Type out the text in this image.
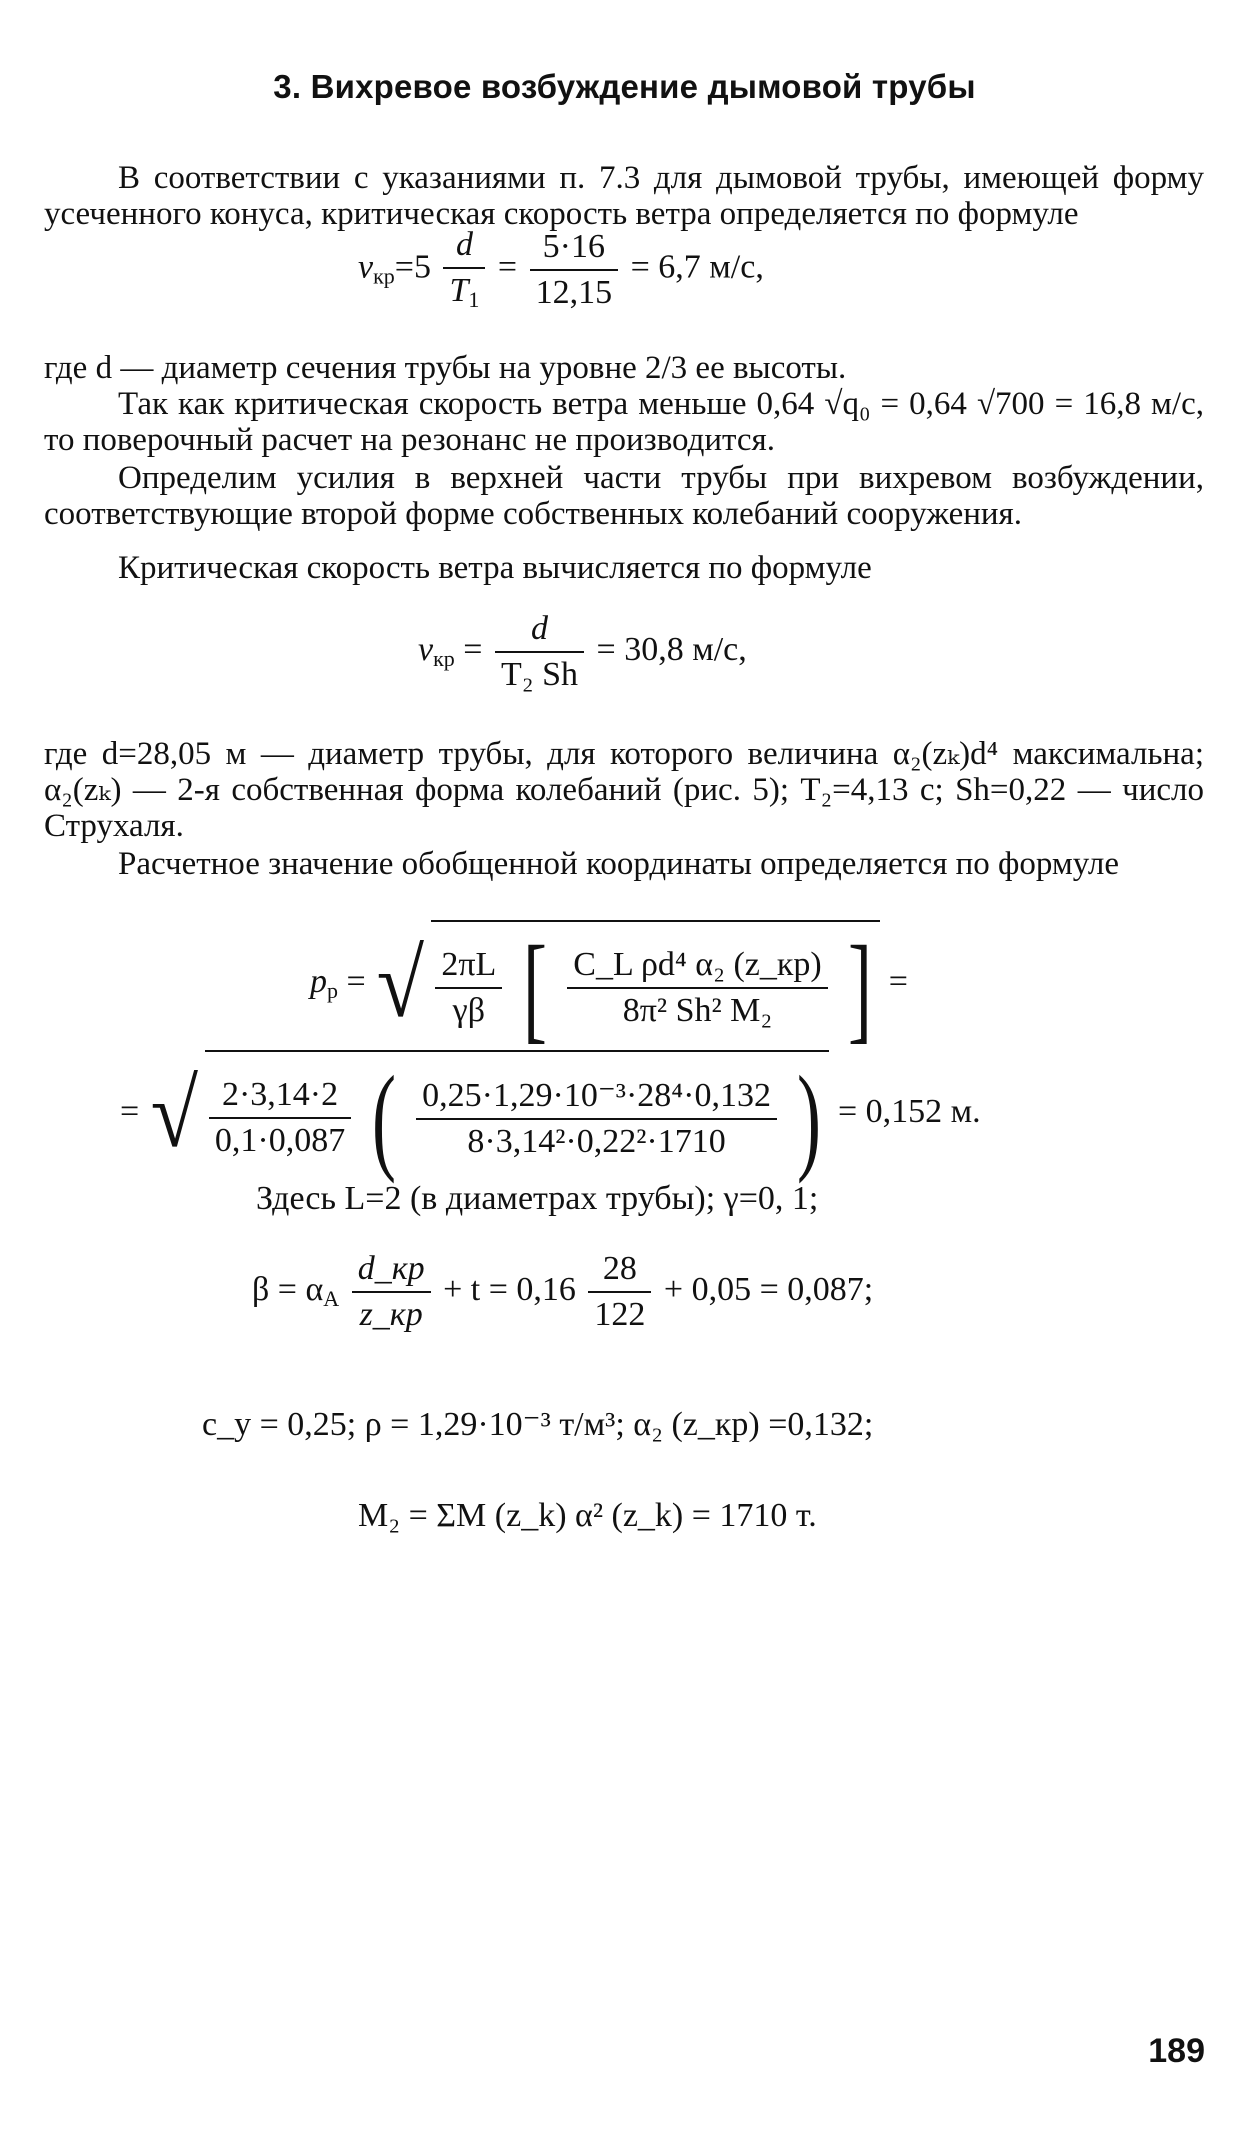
3. Вихревое возбуждение дымовой трубы
В соответствии с указаниями п. 7.3 для дымовой трубы, имеющей форму усеченного конуса, критическая скорость ветра определяется по формуле
$v_{кр}=5 \frac{d}{T_1} = \frac{5\cdot 16}{12,15} = 6,7$ м/с,
где d — диаметр сечения трубы на уровне 2/3 ее высоты.
Так как критическая скорость ветра меньше 0,64 √q₀ = 0,64 √700 = 16,8 м/с, то поверочный расчет на резонанс не производится.
Определим усилия в верхней части трубы при вихревом возбуждении, соответствующие второй форме собственных колебаний сооружения.
Критическая скорость ветра вычисляется по формуле
$v_{кр} = \frac{d}{\text{T₂ Sh}} = 30,8$ м/с,
где d=28,05 м — диаметр трубы, для которого величина α₂(zₖ)d⁴ максимальна; α₂(zₖ) — 2-я собственная форма колебаний (рис. 5); T₂=4,13 с; Sh=0,22 — число Струхаля.
Расчетное значение обобщенной координаты определяется по формуле
$p_р$ = √ $\frac{2\pi L}{\gamma\beta}$ [ $\frac{\text{C\_L ρd⁴ α₂ (z\_кр)}}{\text{8π² Sh² M₂}}$ ] =
= √ $\frac{2\cdot 3,14\cdot 2}{0,1\cdot 0,087}$ ( $\frac{\text{0,25·1,29·10⁻³·28⁴·0,132}}{\text{8·3,14²·0,22²·1710}}$ ) = 0,152 м.
Здесь L=2 (в диаметрах трубы); γ=0, 1;
$\beta = \alpha_A \frac{d\_кр}{z\_кр} + t = 0,16 \frac{28}{122} + 0,05 = 0,087$;
c_y = 0,25; ρ = 1,29·10⁻³ т/м³; α₂ (z_кр) =0,132;
M₂ = ΣM (z_k) α² (z_k) = 1710 т.
189
